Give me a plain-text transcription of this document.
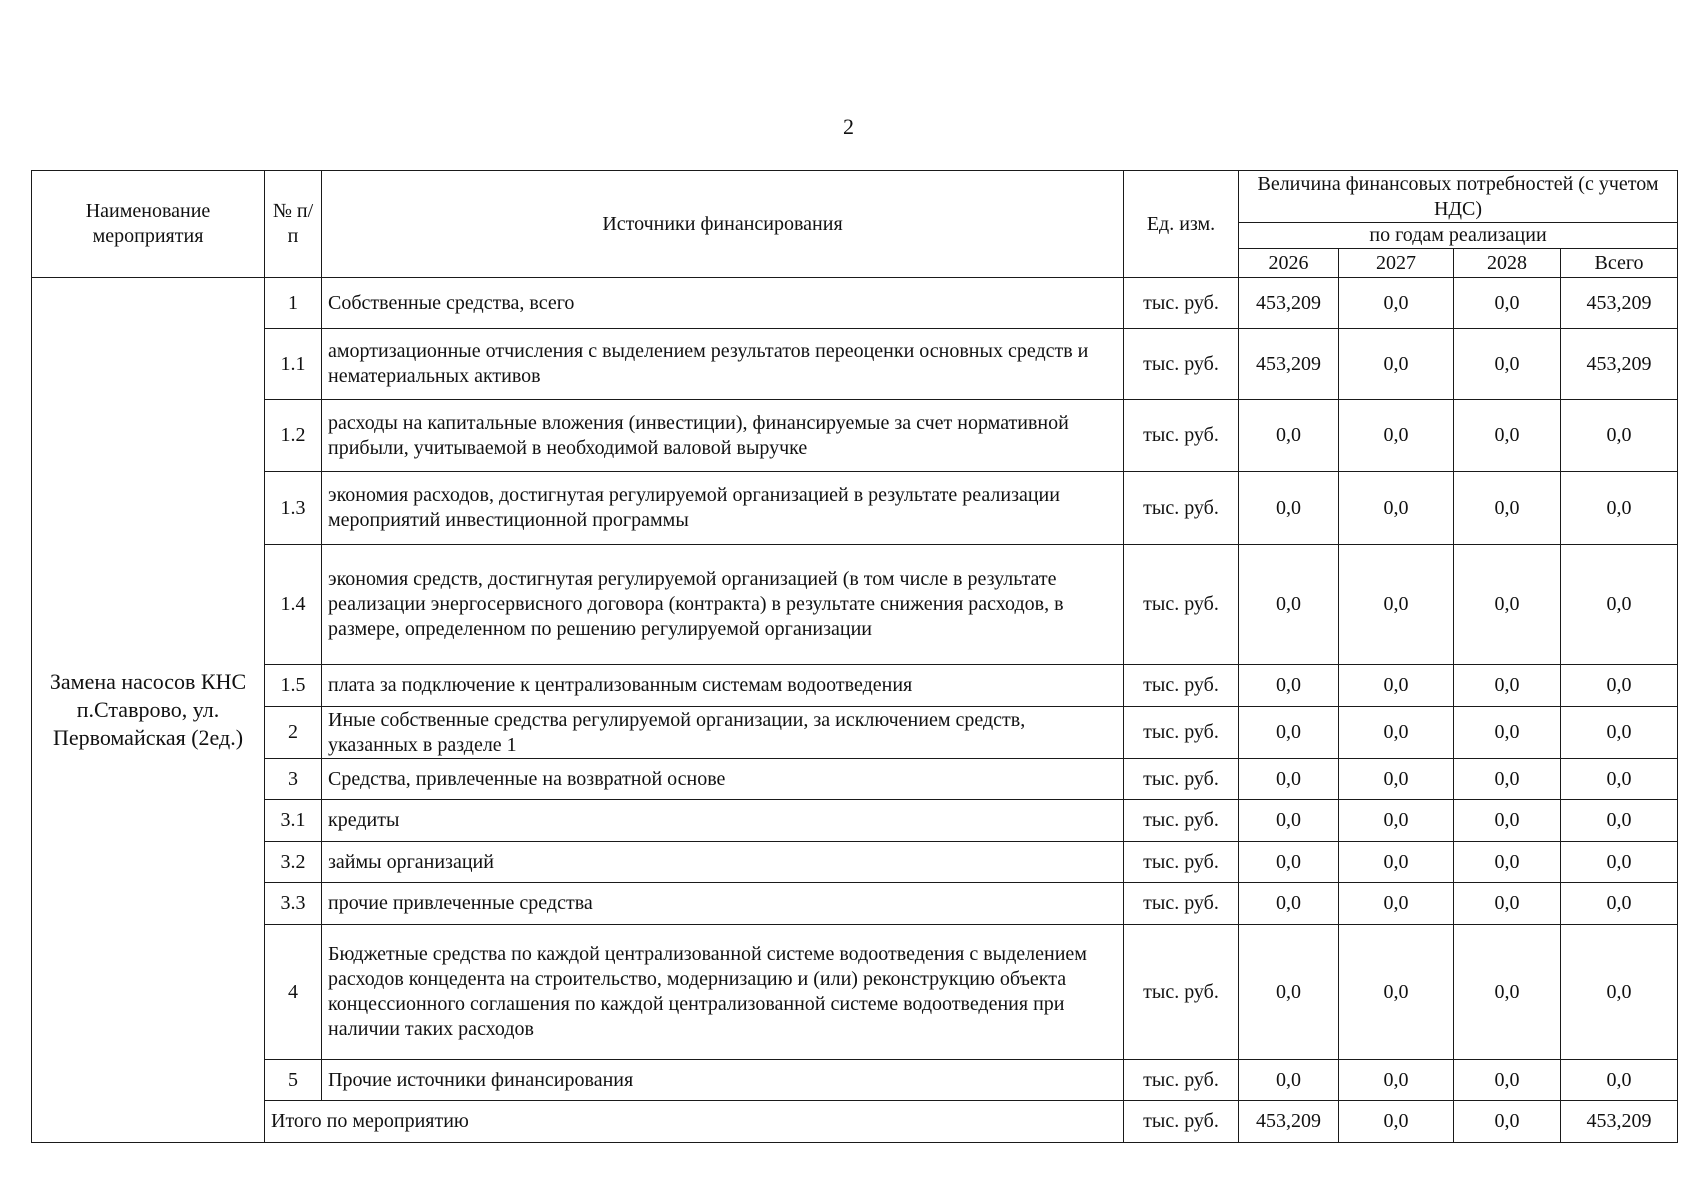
2
Наименование мероприятия	№ п/п	Источники финансирования	Ед. изм.	Величина финансовых потребностей (с учетом НДС)			
				по годам реализации			
				2026	2027	2028	Всего
Замена насосов КНС п.Ставрово, ул. Первомайская (2ед.)	1	Собственные средства, всего	тыс. руб.	453,209	0,0	0,0	453,209
	1.1	амортизационные отчисления с выделением результатов переоценки основных средств и нематериальных активов	тыс. руб.	453,209	0,0	0,0	453,209
	1.2	расходы на капитальные вложения (инвестиции), финансируемые за счет нормативной прибыли, учитываемой в необходимой валовой выручке	тыс. руб.	0,0	0,0	0,0	0,0
	1.3	экономия расходов, достигнутая регулируемой организацией в результате реализации мероприятий инвестиционной программы	тыс. руб.	0,0	0,0	0,0	0,0
	1.4	экономия средств, достигнутая регулируемой организацией (в том числе в результате реализации энергосервисного договора (контракта) в результате снижения расходов, в размере, определенном по решению регулируемой организации	тыс. руб.	0,0	0,0	0,0	0,0
	1.5	плата за подключение к централизованным системам водоотведения	тыс. руб.	0,0	0,0	0,0	0,0
	2	Иные собственные средства регулируемой организации, за исключением средств, указанных в разделе 1	тыс. руб.	0,0	0,0	0,0	0,0
	3	Средства, привлеченные на возвратной основе	тыс. руб.	0,0	0,0	0,0	0,0
	3.1	кредиты	тыс. руб.	0,0	0,0	0,0	0,0
	3.2	займы организаций	тыс. руб.	0,0	0,0	0,0	0,0
	3.3	прочие привлеченные средства	тыс. руб.	0,0	0,0	0,0	0,0
	4	Бюджетные средства по каждой централизованной системе водоотведения с выделением расходов концедента на строительство, модернизацию и (или) реконструкцию объекта концессионного соглашения по каждой централизованной системе водоотведения при наличии таких расходов	тыс. руб.	0,0	0,0	0,0	0,0
	5	Прочие источники финансирования	тыс. руб.	0,0	0,0	0,0	0,0
	Итого по мероприятию		тыс. руб.	453,209	0,0	0,0	453,209
